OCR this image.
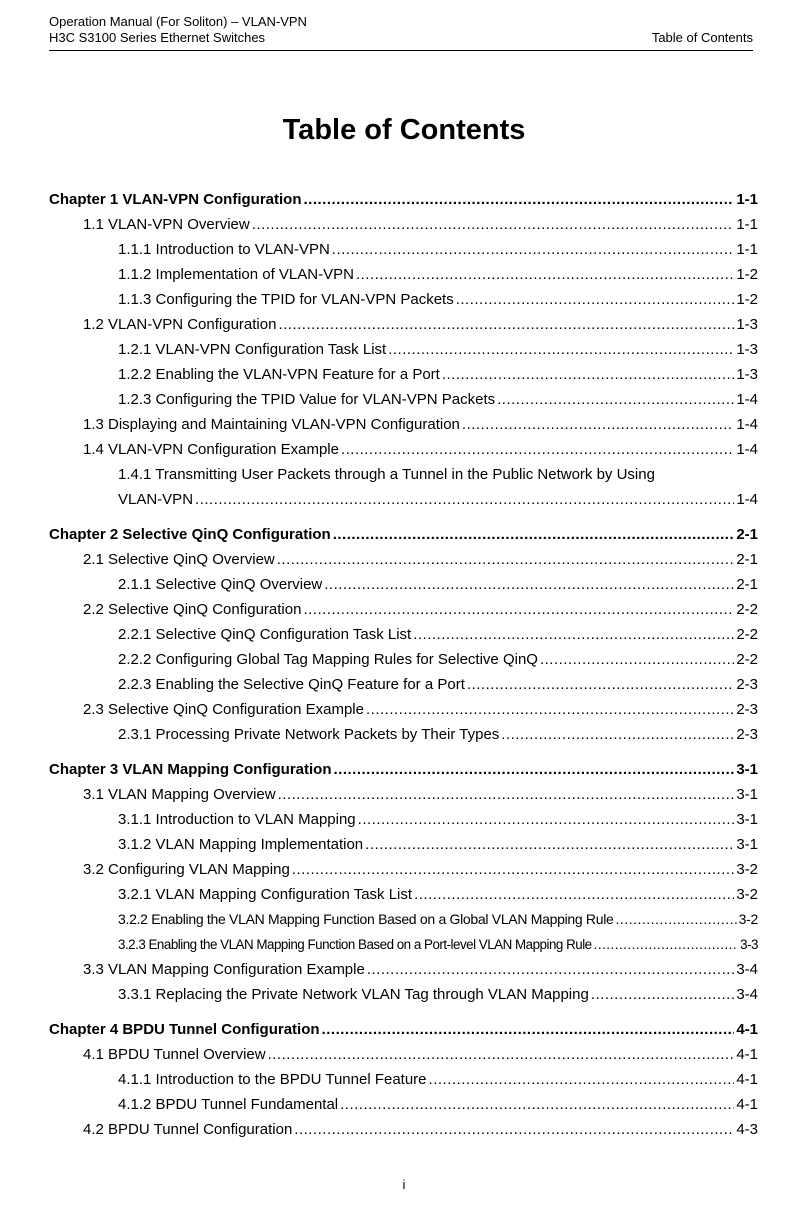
Operation Manual (For Soliton) – VLAN-VPN
H3C S3100 Series Ethernet Switches	Table of Contents
Table of Contents
Chapter 1 VLAN-VPN Configuration .....	1-1
1.1 VLAN-VPN Overview .....	1-1
1.1.1 Introduction to VLAN-VPN .....	1-1
1.1.2 Implementation of VLAN-VPN .....	1-2
1.1.3 Configuring the TPID for VLAN-VPN Packets .....	1-2
1.2 VLAN-VPN Configuration .....	1-3
1.2.1 VLAN-VPN Configuration Task List .....	1-3
1.2.2 Enabling the VLAN-VPN Feature for a Port .....	1-3
1.2.3 Configuring the TPID Value for VLAN-VPN Packets .....	1-4
1.3 Displaying and Maintaining VLAN-VPN Configuration .....	1-4
1.4 VLAN-VPN Configuration Example .....	1-4
1.4.1 Transmitting User Packets through a Tunnel in the Public Network by Using
VLAN-VPN .....	1-4
Chapter 2 Selective QinQ Configuration .....	2-1
2.1 Selective QinQ Overview .....	2-1
2.1.1 Selective QinQ Overview .....	2-1
2.2 Selective QinQ Configuration .....	2-2
2.2.1 Selective QinQ Configuration Task List .....	2-2
2.2.2 Configuring Global Tag Mapping Rules for Selective QinQ .....	2-2
2.2.3 Enabling the Selective QinQ Feature for a Port .....	2-3
2.3 Selective QinQ Configuration Example .....	2-3
2.3.1 Processing Private Network Packets by Their Types .....	2-3
Chapter 3 VLAN Mapping Configuration .....	3-1
3.1 VLAN Mapping Overview .....	3-1
3.1.1 Introduction to VLAN Mapping .....	3-1
3.1.2 VLAN Mapping Implementation .....	3-1
3.2 Configuring VLAN Mapping .....	3-2
3.2.1 VLAN Mapping Configuration Task List .....	3-2
3.2.2 Enabling the VLAN Mapping Function Based on a Global VLAN Mapping Rule .....	3-2
3.2.3 Enabling the VLAN Mapping Function Based on a Port-level VLAN Mapping Rule .....	3-3
3.3 VLAN Mapping Configuration Example .....	3-4
3.3.1 Replacing the Private Network VLAN Tag through VLAN Mapping .....	3-4
Chapter 4 BPDU Tunnel Configuration .....	4-1
4.1 BPDU Tunnel Overview .....	4-1
4.1.1 Introduction to the BPDU Tunnel Feature .....	4-1
4.1.2 BPDU Tunnel Fundamental .....	4-1
4.2 BPDU Tunnel Configuration .....	4-3
i
